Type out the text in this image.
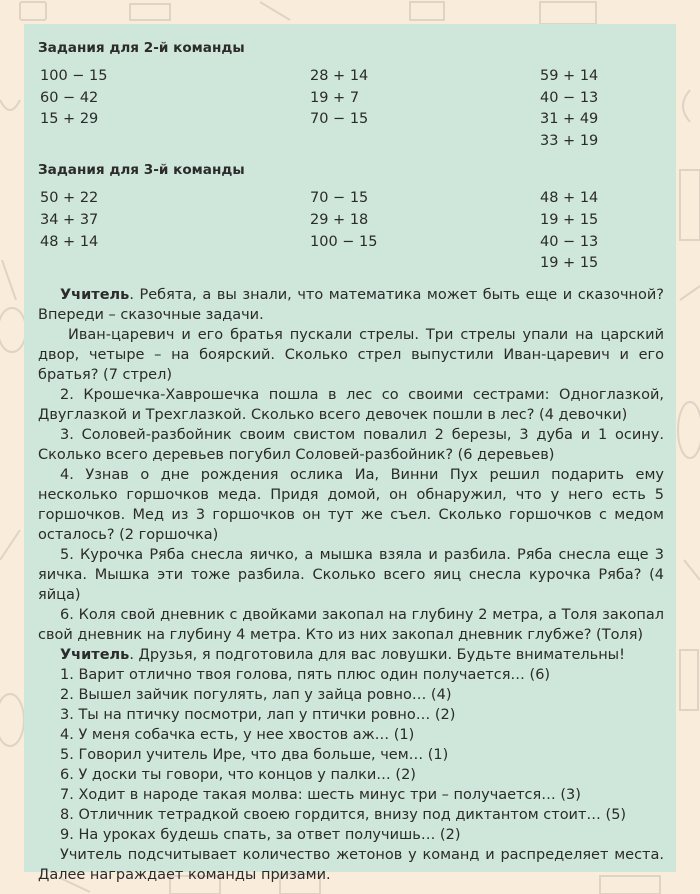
Задания для 2-й команды
100 − 15
60 − 42
15 + 29
28 + 14
19 + 7
70 − 15
59 + 14
40 − 13
31 + 49
33 + 19
Задания для 3-й команды
50 + 22
34 + 37
48 + 14
70 − 15
29 + 18
100 − 15
48 + 14
19 + 15
40 − 13
19 + 15
Учитель. Ребята, а вы знали, что математика может быть еще и сказочной? Впереди – сказочные задачи.
Иван-царевич и его братья пускали стрелы. Три стрелы упали на царский двор, четыре – на боярский. Сколько стрел выпустили Иван-царевич и его братья? (7 стрел)
2. Крошечка-Хаврошечка пошла в лес со своими сестрами: Одноглазкой, Двуглазкой и Трехглазкой. Сколько всего девочек пошли в лес? (4 девочки)
3. Соловей-разбойник своим свистом повалил 2 березы, 3 дуба и 1 осину. Сколько всего деревьев погубил Соловей-разбойник? (6 деревьев)
4. Узнав о дне рождения ослика Иа, Винни Пух решил подарить ему несколько горшочков меда. Придя домой, он обнаружил, что у него есть 5 горшочков. Мед из 3 горшочков он тут же съел. Сколько горшочков с медом осталось? (2 горшочка)
5. Курочка Ряба снесла яичко, а мышка взяла и разбила. Ряба снесла еще 3 яичка. Мышка эти тоже разбила. Сколько всего яиц снесла курочка Ряба? (4 яйца)
6. Коля свой дневник с двойками закопал на глубину 2 метра, а Толя закопал свой дневник на глубину 4 метра. Кто из них закопал дневник глубже? (Толя)
Учитель. Друзья, я подготовила для вас ловушки. Будьте внимательны!
1. Варит отлично твоя голова, пять плюс один получается… (6)
2. Вышел зайчик погулять, лап у зайца ровно… (4)
3. Ты на птичку посмотри, лап у птички ровно… (2)
4. У меня собачка есть, у нее хвостов аж… (1)
5. Говорил учитель Ире, что два больше, чем… (1)
6. У доски ты говори, что концов у палки… (2)
7. Ходит в народе такая молва: шесть минус три – получается… (3)
8. Отличник тетрадкой своею гордится, внизу под диктантом стоит… (5)
9. На уроках будешь спать, за ответ получишь… (2)
Учитель подсчитывает количество жетонов у команд и распределяет места. Далее награждает команды призами.
